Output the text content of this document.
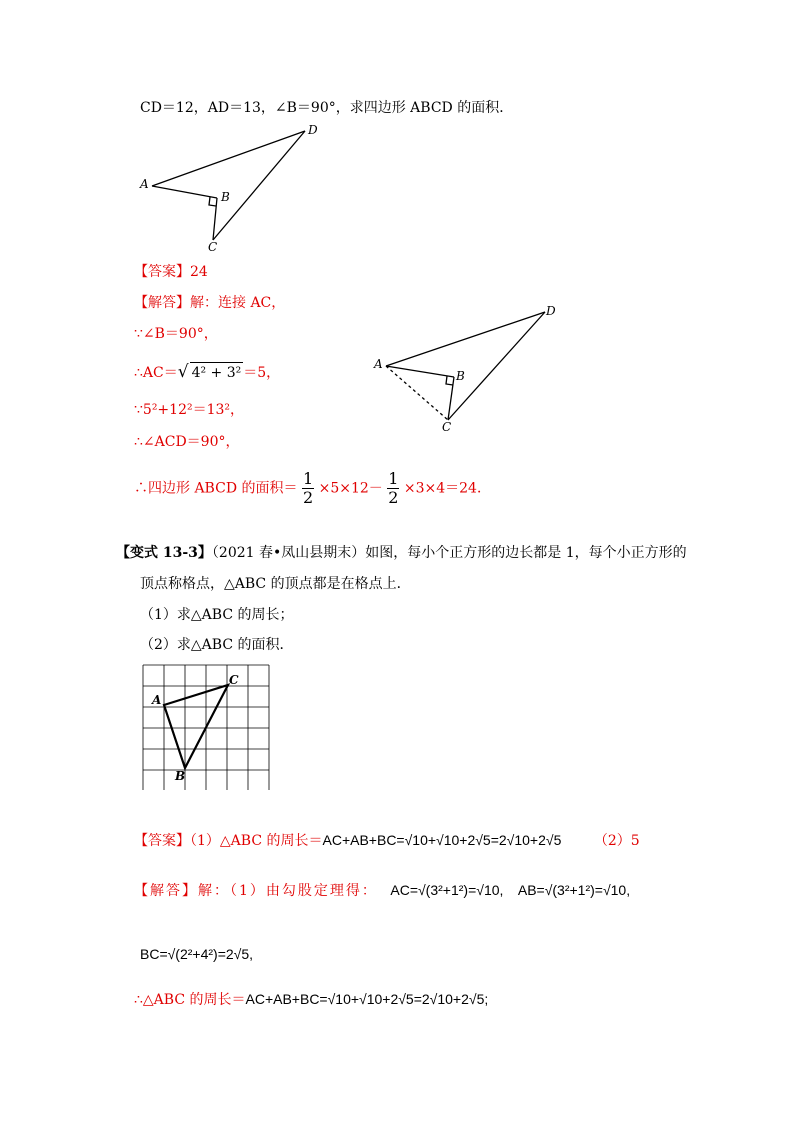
CD＝12，AD＝13，∠B＝90°，求四边形 ABCD 的面积．
A
B
C
D
【答案】24
【解答】解：连接 AC，
∵∠B＝90°，
∴AC＝√ 4² + 3² ＝5，
∵5²+12²＝13²，
∴∠ACD＝90°，
∴四边形 ABCD 的面积＝ $\frac{1}{2} \times 5\times 12- \frac{1}{2} \times 3\times 4=24$．
A
B
C
D
【变式 13-3】（2021 春•凤山县期末）如图，每小个正方形的边长都是 1，每个小正方形的
顶点称格点，△ABC 的顶点都是在格点上．
（1）求△ABC 的周长；
（2）求△ABC 的面积．
A
B
C
【答案】（1）△ABC 的周长＝AC+AB+BC=√10+√10+2√5=2√10+2√5 （2）5
【解答】解：（1）由勾股定理得： AC=√(3²+1²)=√10, AB=√(3²+1²)=√10,
BC=√(2²+4²)=2√5,
∴△ABC 的周长＝AC+AB+BC=√10+√10+2√5=2√10+2√5;
